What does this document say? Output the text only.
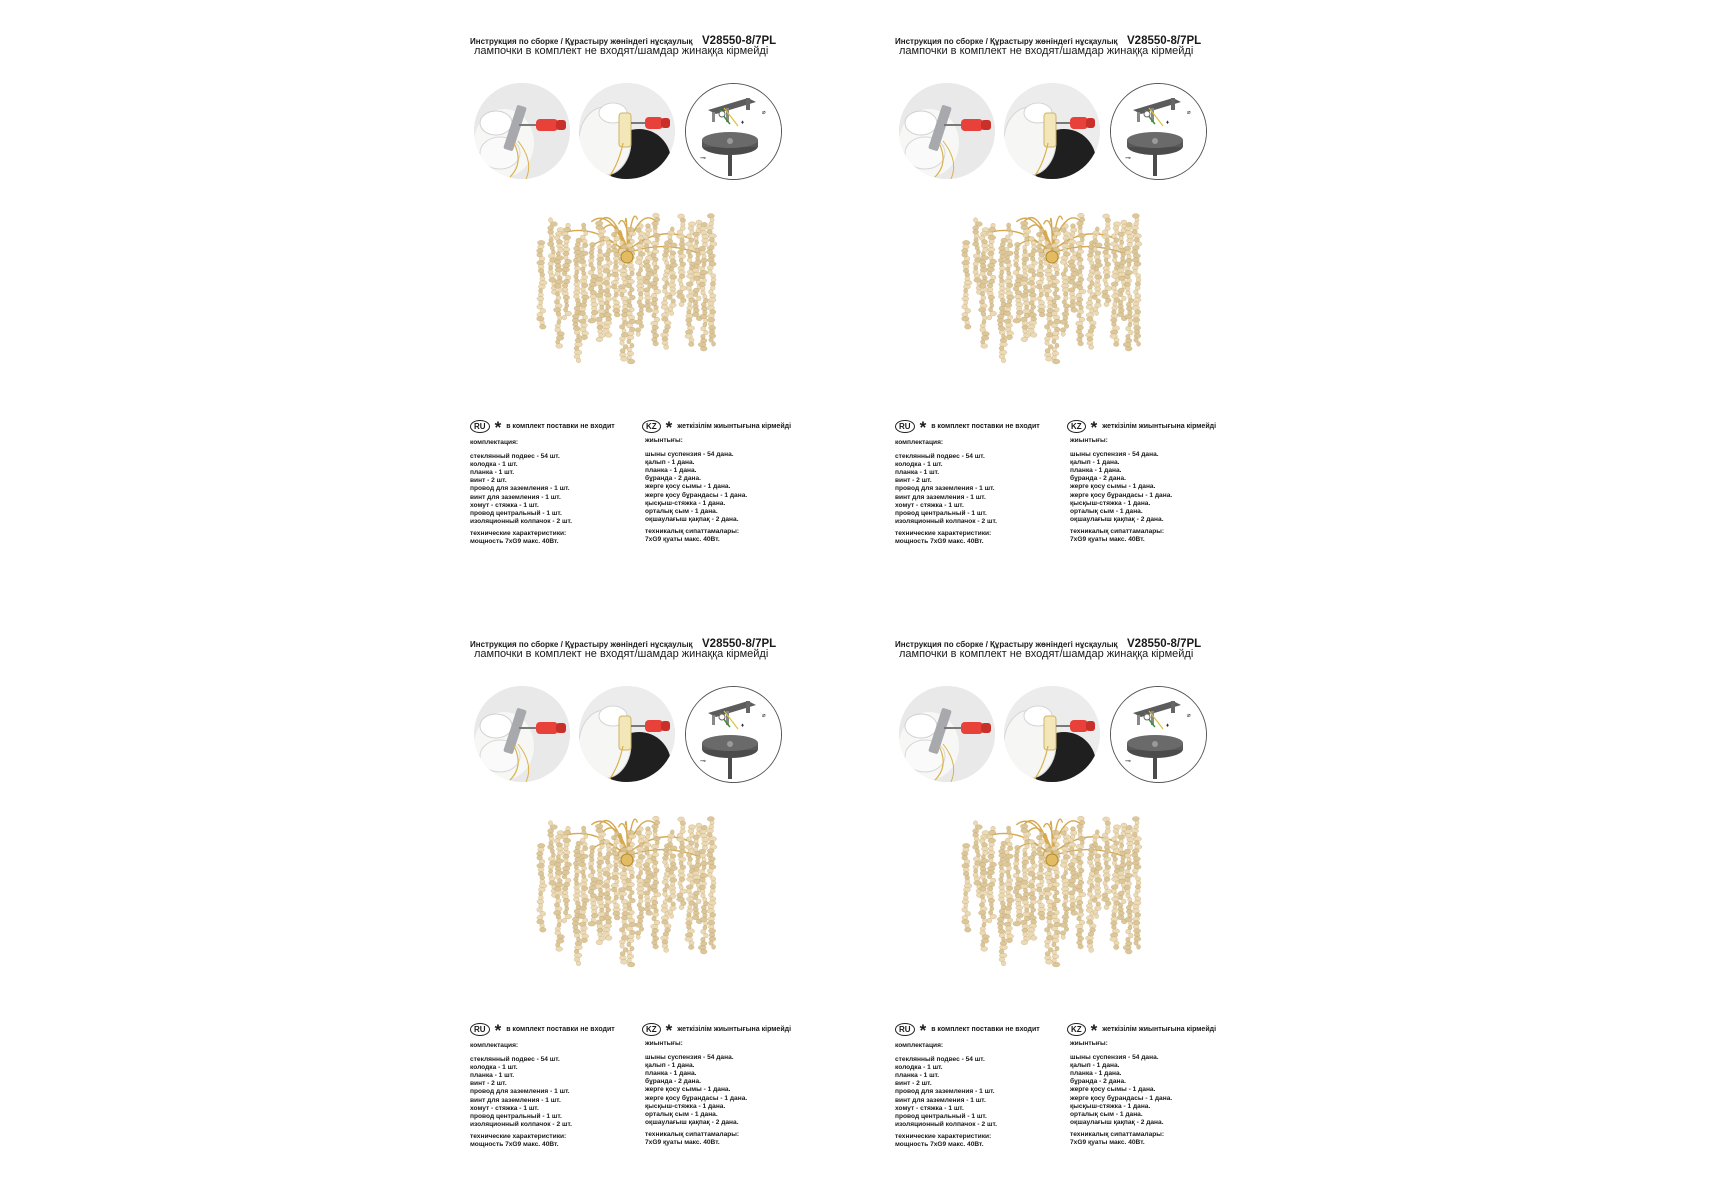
Инструкция по сборке / Құрастыру жөніндегі нұсқаулық V28550-8/7PL
лампочки в комплект не входят/шамдар жинаққа кірмейді
♦
⌀
⊸
RU * в комплект поставки не входит	KZ * жеткізілім жиынтығына кірмейді
комплектация:
стеклянный подвес - 54 шт.
колодка - 1 шт.
планка - 1 шт.
винт - 2 шт.
провод для заземления - 1 шт.
винт для заземления - 1 шт.
хомут - стяжка - 1 шт.
провод центральный - 1 шт.
изоляционный колпачок - 2 шт.
технические характеристики:
мощность 7xG9 макс. 40Вт.
жиынтығы:
шыны суспензия - 54 дана.
қалып - 1 дана.
планка - 1 дана.
бұранда - 2 дана.
жерге қосу сымы - 1 дана.
жерге қосу бұрандасы - 1 дана.
қысқыш-стяжка - 1 дана.
орталық сым - 1 дана.
оқшаулағыш қақпақ - 2 дана.
техникалық сипаттамалары:
7xG9 қуаты макс. 40Вт.
Инструкция по сборке / Құрастыру жөніндегі нұсқаулық V28550-8/7PL
лампочки в комплект не входят/шамдар жинаққа кірмейді
♦
⌀
⊸
RU * в комплект поставки не входит	KZ * жеткізілім жиынтығына кірмейді
комплектация:
стеклянный подвес - 54 шт.
колодка - 1 шт.
планка - 1 шт.
винт - 2 шт.
провод для заземления - 1 шт.
винт для заземления - 1 шт.
хомут - стяжка - 1 шт.
провод центральный - 1 шт.
изоляционный колпачок - 2 шт.
технические характеристики:
мощность 7xG9 макс. 40Вт.
жиынтығы:
шыны суспензия - 54 дана.
қалып - 1 дана.
планка - 1 дана.
бұранда - 2 дана.
жерге қосу сымы - 1 дана.
жерге қосу бұрандасы - 1 дана.
қысқыш-стяжка - 1 дана.
орталық сым - 1 дана.
оқшаулағыш қақпақ - 2 дана.
техникалық сипаттамалары:
7xG9 қуаты макс. 40Вт.
Инструкция по сборке / Құрастыру жөніндегі нұсқаулық V28550-8/7PL
лампочки в комплект не входят/шамдар жинаққа кірмейді
♦
⌀
⊸
RU * в комплект поставки не входит	KZ * жеткізілім жиынтығына кірмейді
комплектация:
стеклянный подвес - 54 шт.
колодка - 1 шт.
планка - 1 шт.
винт - 2 шт.
провод для заземления - 1 шт.
винт для заземления - 1 шт.
хомут - стяжка - 1 шт.
провод центральный - 1 шт.
изоляционный колпачок - 2 шт.
технические характеристики:
мощность 7xG9 макс. 40Вт.
жиынтығы:
шыны суспензия - 54 дана.
қалып - 1 дана.
планка - 1 дана.
бұранда - 2 дана.
жерге қосу сымы - 1 дана.
жерге қосу бұрандасы - 1 дана.
қысқыш-стяжка - 1 дана.
орталық сым - 1 дана.
оқшаулағыш қақпақ - 2 дана.
техникалық сипаттамалары:
7xG9 қуаты макс. 40Вт.
Инструкция по сборке / Құрастыру жөніндегі нұсқаулық V28550-8/7PL
лампочки в комплект не входят/шамдар жинаққа кірмейді
♦
⌀
⊸
RU * в комплект поставки не входит	KZ * жеткізілім жиынтығына кірмейді
комплектация:
стеклянный подвес - 54 шт.
колодка - 1 шт.
планка - 1 шт.
винт - 2 шт.
провод для заземления - 1 шт.
винт для заземления - 1 шт.
хомут - стяжка - 1 шт.
провод центральный - 1 шт.
изоляционный колпачок - 2 шт.
технические характеристики:
мощность 7xG9 макс. 40Вт.
жиынтығы:
шыны суспензия - 54 дана.
қалып - 1 дана.
планка - 1 дана.
бұранда - 2 дана.
жерге қосу сымы - 1 дана.
жерге қосу бұрандасы - 1 дана.
қысқыш-стяжка - 1 дана.
орталық сым - 1 дана.
оқшаулағыш қақпақ - 2 дана.
техникалық сипаттамалары:
7xG9 қуаты макс. 40Вт.
